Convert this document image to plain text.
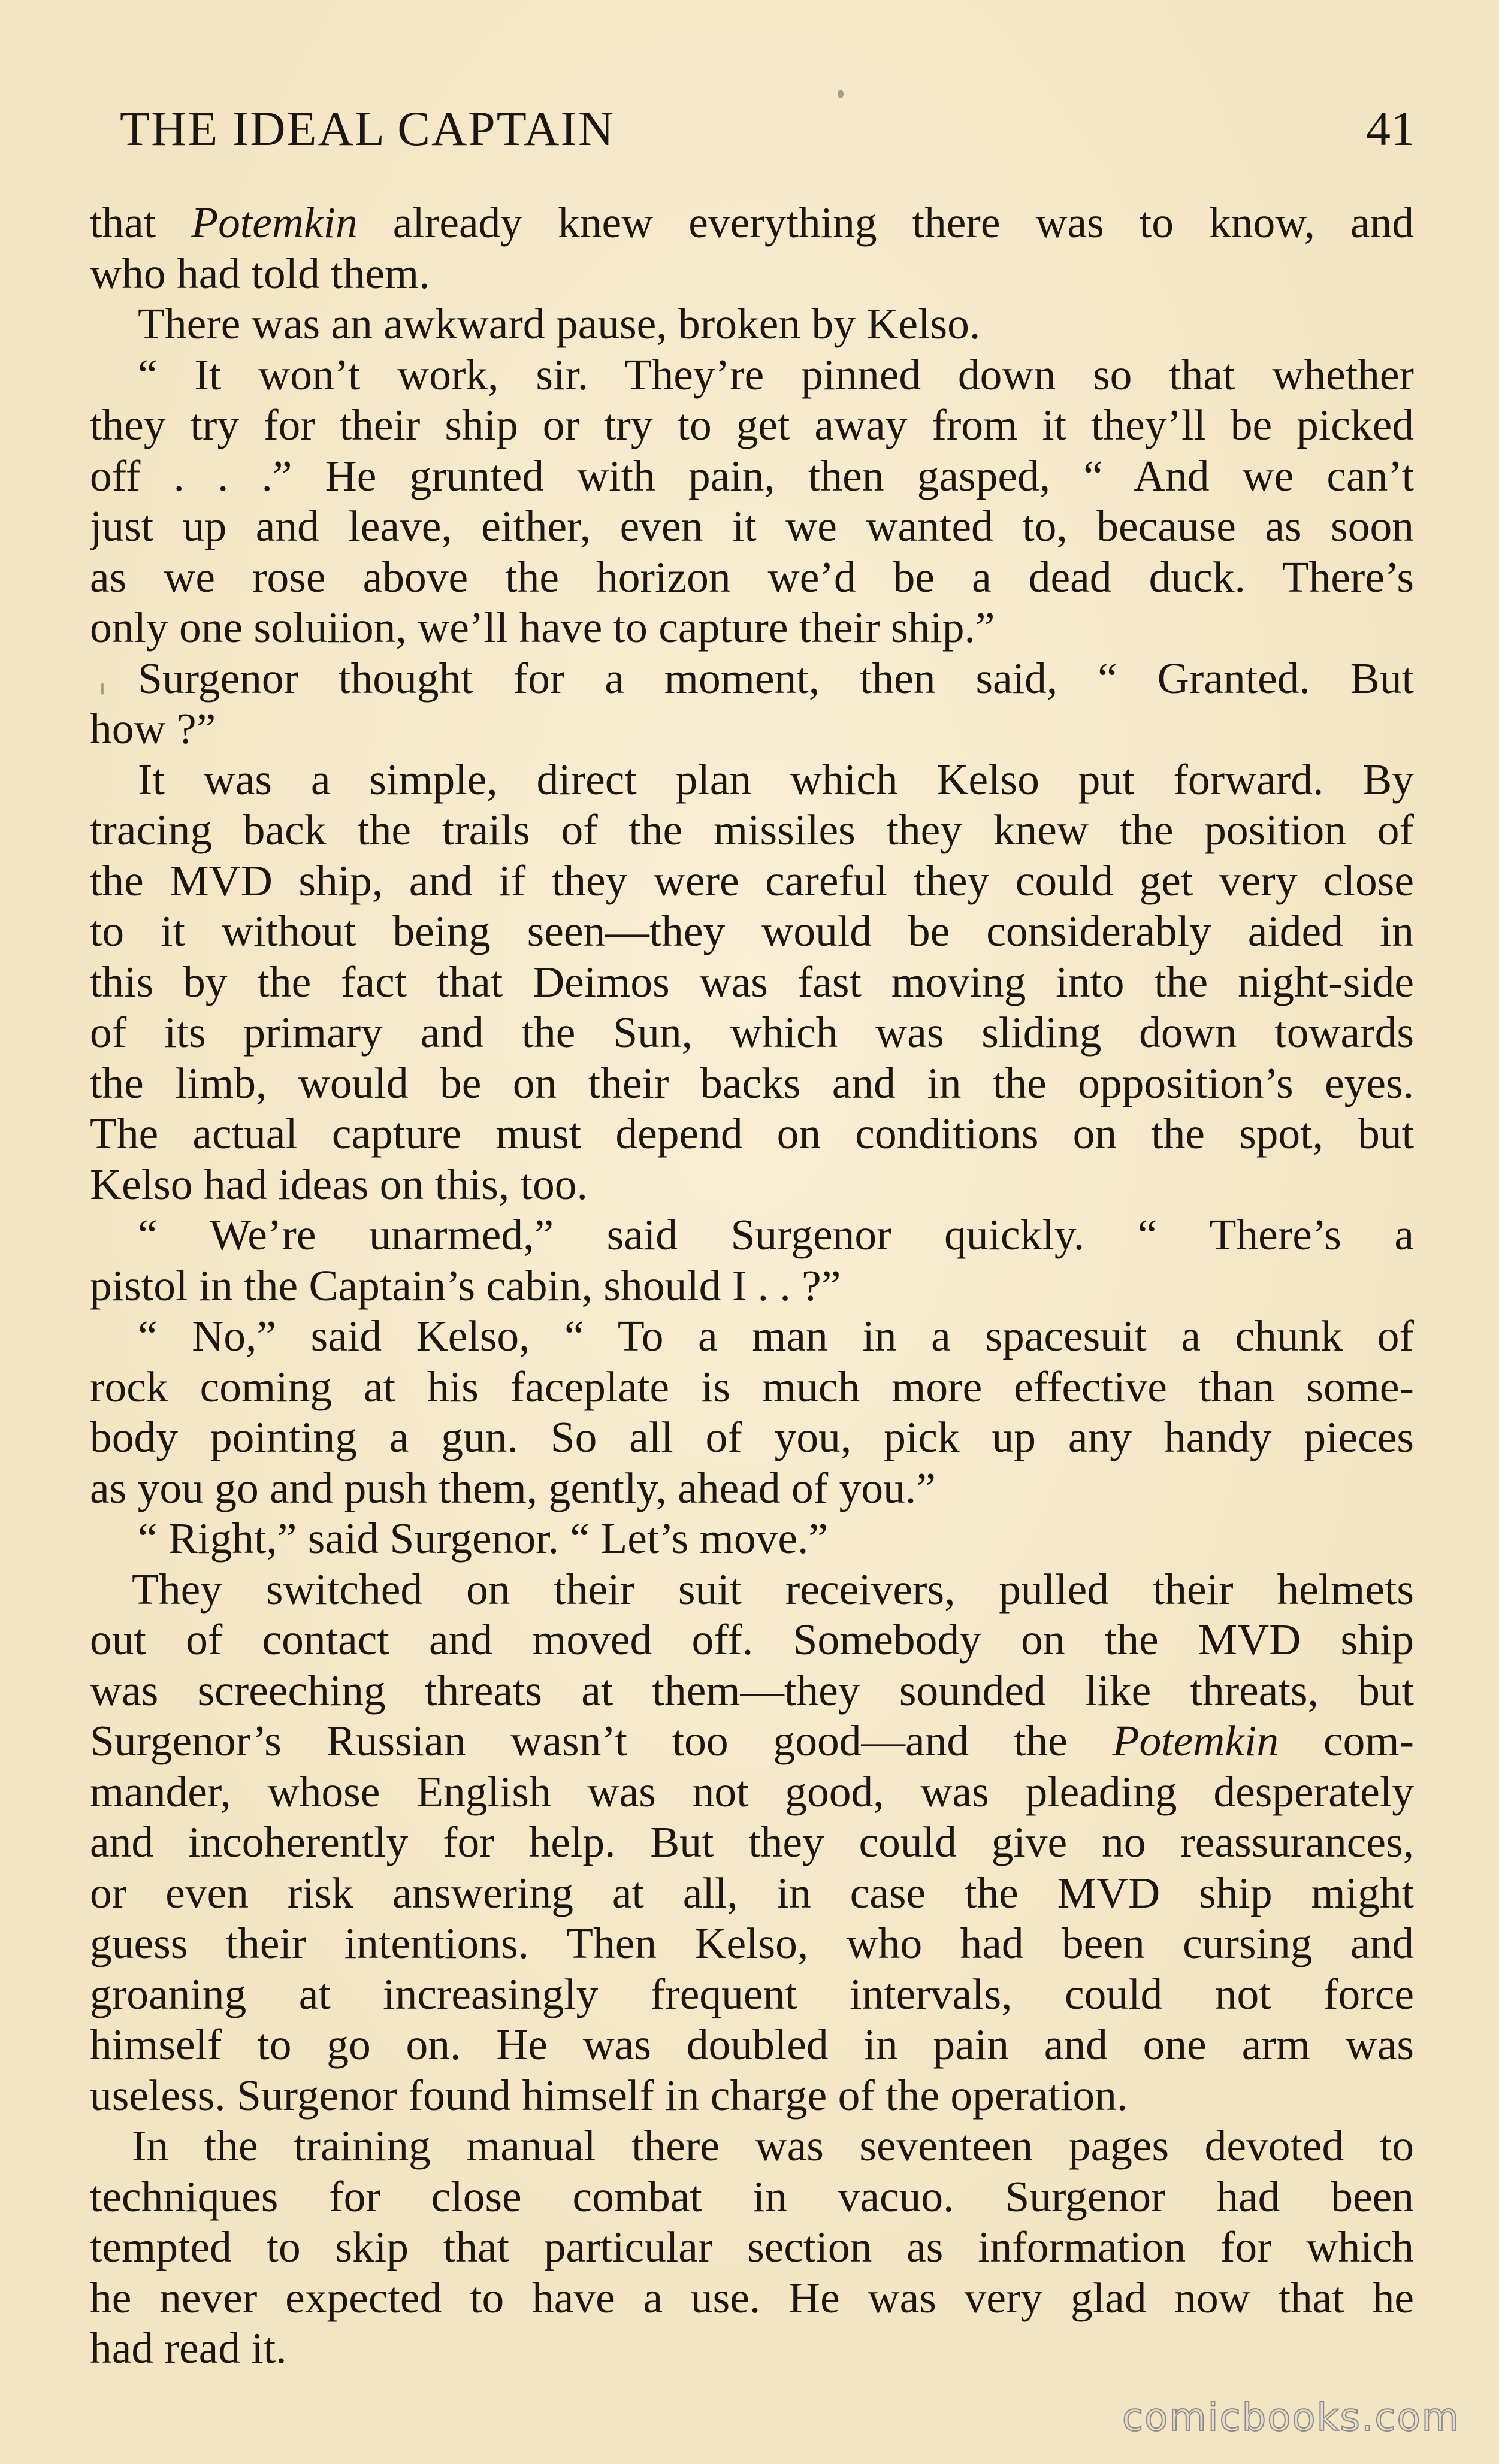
THE IDEAL CAPTAIN	41
that Potemkin already knew everything there was to know, and
who had told them.
There was an awkward pause, broken by Kelso.
“ It won’t work, sir. They’re pinned down so that whether
they try for their ship or try to get away from it they’ll be picked
off . . .” He grunted with pain, then gasped, “ And we can’t
just up and leave, either, even it we wanted to, because as soon
as we rose above the horizon we’d be a dead duck. There’s
only one soluiion, we’ll have to capture their ship.”
Surgenor thought for a moment, then said, “ Granted. But
how ?”
It was a simple, direct plan which Kelso put forward. By
tracing back the trails of the missiles they knew the position of
the MVD ship, and if they were careful they could get very close
to it without being seen—they would be considerably aided in
this by the fact that Deimos was fast moving into the night-side
of its primary and the Sun, which was sliding down towards
the limb, would be on their backs and in the opposition’s eyes.
The actual capture must depend on conditions on the spot, but
Kelso had ideas on this, too.
“ We’re unarmed,” said Surgenor quickly. “ There’s a
pistol in the Captain’s cabin, should I . . ?”
“ No,” said Kelso, “ To a man in a spacesuit a chunk of
rock coming at his faceplate is much more effective than some-
body pointing a gun. So all of you, pick up any handy pieces
as you go and push them, gently, ahead of you.”
“ Right,” said Surgenor. “ Let’s move.”
They switched on their suit receivers, pulled their helmets
out of contact and moved off. Somebody on the MVD ship
was screeching threats at them—they sounded like threats, but
Surgenor’s Russian wasn’t too good—and the Potemkin com-
mander, whose English was not good, was pleading desperately
and incoherently for help. But they could give no reassurances,
or even risk answering at all, in case the MVD ship might
guess their intentions. Then Kelso, who had been cursing and
groaning at increasingly frequent intervals, could not force
himself to go on. He was doubled in pain and one arm was
useless. Surgenor found himself in charge of the operation.
In the training manual there was seventeen pages devoted to
techniques for close combat in vacuo. Surgenor had been
tempted to skip that particular section as information for which
he never expected to have a use. He was very glad now that he
had read it.
comicbooks.com
